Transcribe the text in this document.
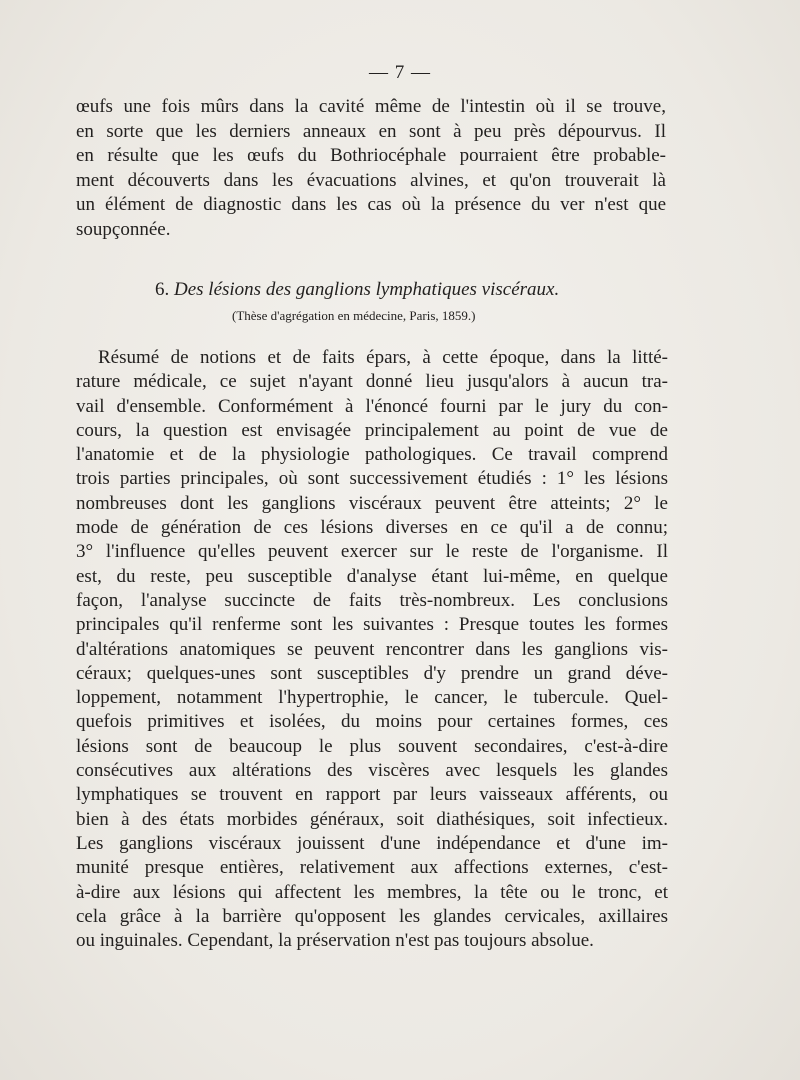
— 7 —
œufs une fois mûrs dans la cavité même de l'intestin où il se trouve,
en sorte que les derniers anneaux en sont à peu près dépourvus. Il
en résulte que les œufs du Bothriocéphale pourraient être probable-
ment découverts dans les évacuations alvines, et qu'on trouverait là
un élément de diagnostic dans les cas où la présence du ver n'est que
soupçonnée.
6. Des lésions des ganglions lymphatiques viscéraux.
(Thèse d'agrégation en médecine, Paris, 1859.)
Résumé de notions et de faits épars, à cette époque, dans la litté-
rature médicale, ce sujet n'ayant donné lieu jusqu'alors à aucun tra-
vail d'ensemble. Conformément à l'énoncé fourni par le jury du con-
cours, la question est envisagée principalement au point de vue de
l'anatomie et de la physiologie pathologiques. Ce travail comprend
trois parties principales, où sont successivement étudiés : 1° les lésions
nombreuses dont les ganglions viscéraux peuvent être atteints; 2° le
mode de génération de ces lésions diverses en ce qu'il a de connu;
3° l'influence qu'elles peuvent exercer sur le reste de l'organisme. Il
est, du reste, peu susceptible d'analyse étant lui-même, en quelque
façon, l'analyse succincte de faits très-nombreux. Les conclusions
principales qu'il renferme sont les suivantes : Presque toutes les formes
d'altérations anatomiques se peuvent rencontrer dans les ganglions vis-
céraux; quelques-unes sont susceptibles d'y prendre un grand déve-
loppement, notamment l'hypertrophie, le cancer, le tubercule. Quel-
quefois primitives et isolées, du moins pour certaines formes, ces
lésions sont de beaucoup le plus souvent secondaires, c'est-à-dire
consécutives aux altérations des viscères avec lesquels les glandes
lymphatiques se trouvent en rapport par leurs vaisseaux afférents, ou
bien à des états morbides généraux, soit diathésiques, soit infectieux.
Les ganglions viscéraux jouissent d'une indépendance et d'une im-
munité presque entières, relativement aux affections externes, c'est-
à-dire aux lésions qui affectent les membres, la tête ou le tronc, et
cela grâce à la barrière qu'opposent les glandes cervicales, axillaires
ou inguinales. Cependant, la préservation n'est pas toujours absolue.
